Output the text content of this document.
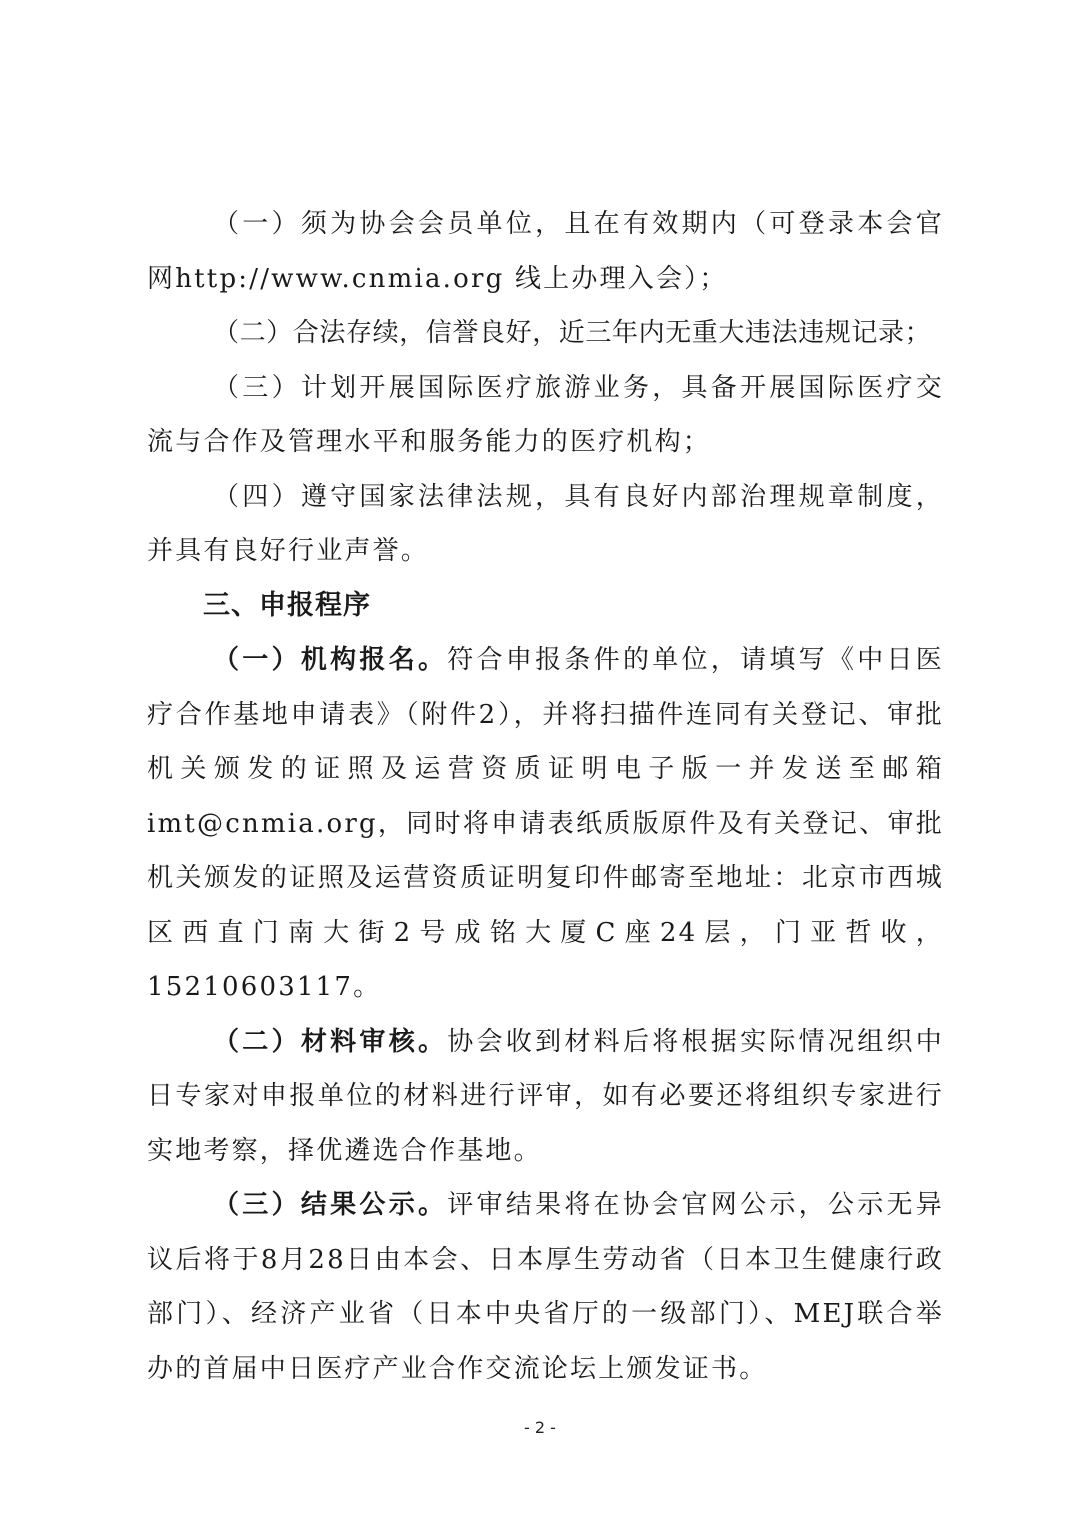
（一）须为协会会员单位，且在有效期内（可登录本会官网http://www.cnmia.org 线上办理入会）；

（二）合法存续，信誉良好，近三年内无重大违法违规记录；

（三）计划开展国际医疗旅游业务，具备开展国际医疗交流与合作及管理水平和服务能力的医疗机构；

（四）遵守国家法律法规，具有良好内部治理规章制度，并具有良好行业声誉。

三、申报程序

（一）机构报名。符合申报条件的单位，请填写《中日医疗合作基地申请表》（附件2），并将扫描件连同有关登记、审批机关颁发的证照及运营资质证明电子版一并发送至邮箱imt@cnmia.org，同时将申请表纸质版原件及有关登记、审批机关颁发的证照及运营资质证明复印件邮寄至地址：北京市西城区西直门南大街2号成铭大厦C座24层，门亚哲收，15210603117。

（二）材料审核。协会收到材料后将根据实际情况组织中日专家对申报单位的材料进行评审，如有必要还将组织专家进行实地考察，择优遴选合作基地。

（三）结果公示。评审结果将在协会官网公示，公示无异议后将于8月28日由本会、日本厚生劳动省（日本卫生健康行政部门）、经济产业省（日本中央省厅的一级部门）、MEJ联合举办的首届中日医疗产业合作交流论坛上颁发证书。

- 2 -
